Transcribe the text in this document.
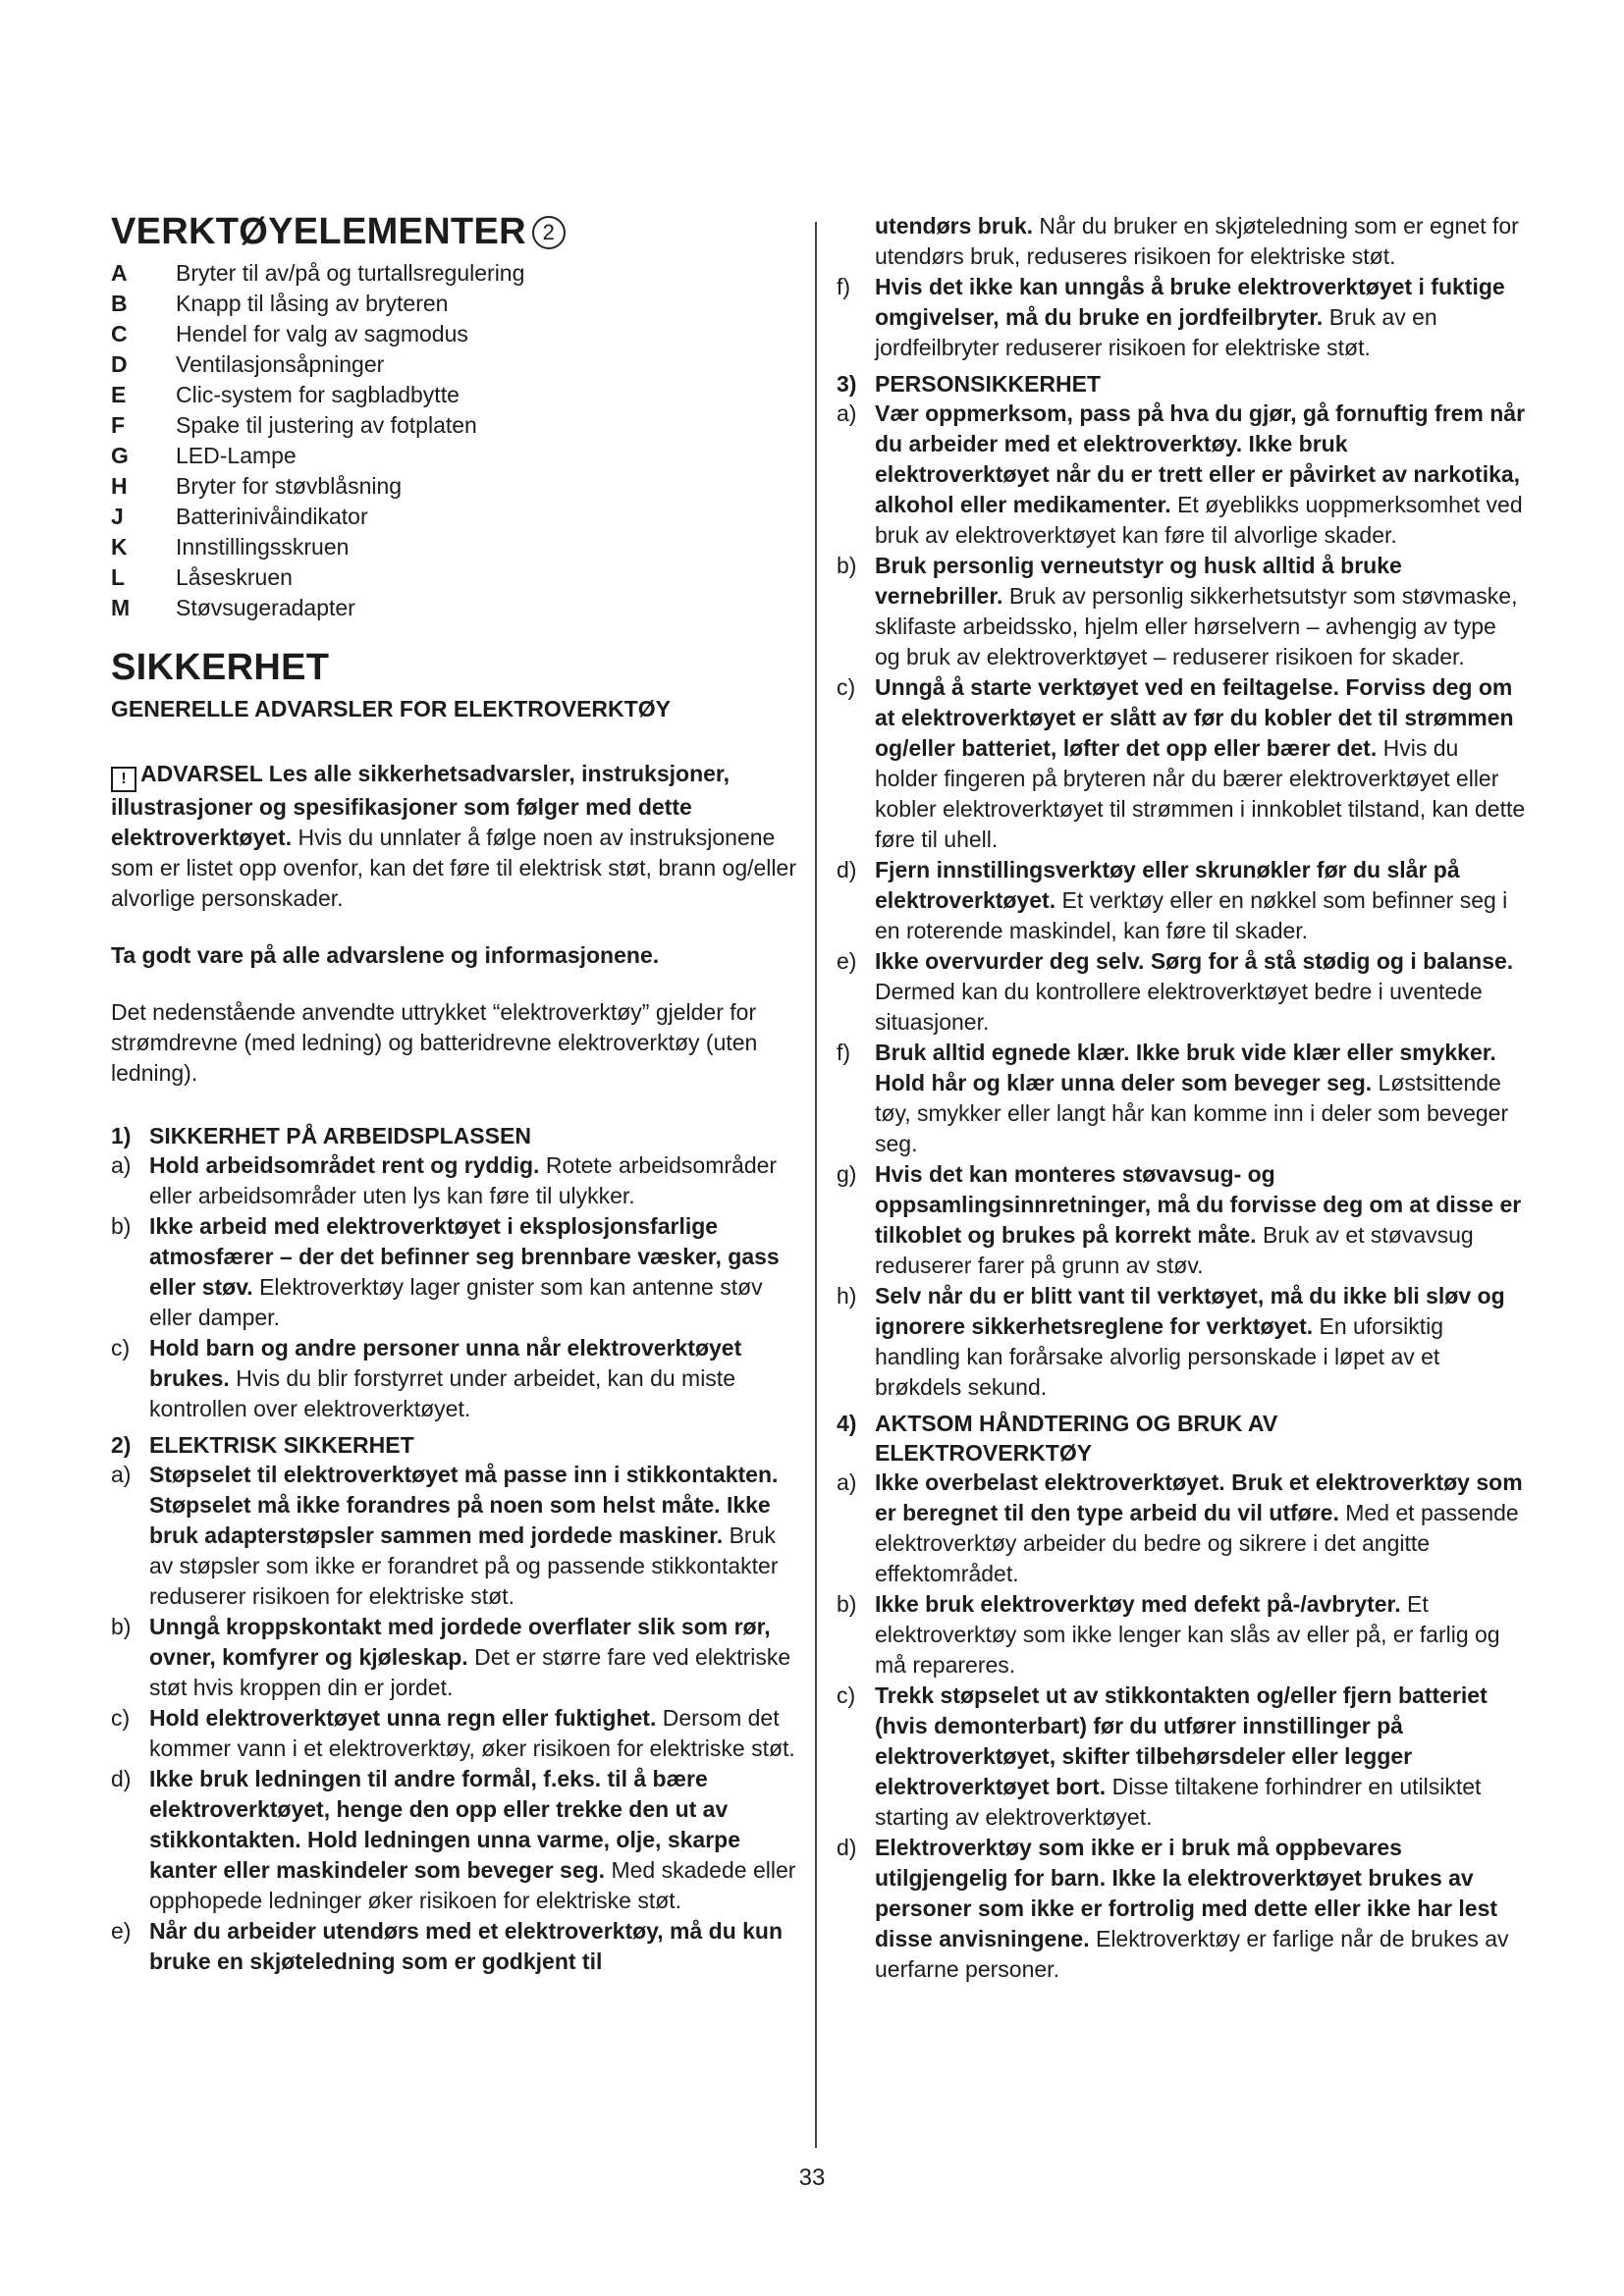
VERKTØYELEMENTER 2
A	Bryter til av/på og turtallsregulering
B	Knapp til låsing av bryteren
C	Hendel for valg av sagmodus
D	Ventilasjonsåpninger
E	Clic-system for sagbladbytte
F	Spake til justering av fotplaten
G	LED-Lampe
H	Bryter for støvblåsning
J	Batterinivåindikator
K	Innstillingsskruen
L	Låseskruen
M	Støvsugeradapter
SIKKERHET
GENERELLE ADVARSLER FOR ELEKTROVERKTØY

! ADVARSEL Les alle sikkerhetsadvarsler, instruksjoner, illustrasjoner og spesifikasjoner som følger med dette elektroverktøyet. Hvis du unnlater å følge noen av instruksjonene som er listet opp ovenfor, kan det føre til elektrisk støt, brann og/eller alvorlige personskader.

Ta godt vare på alle advarslene og informasjonene.

Det nedenstående anvendte uttrykket “elektroverktøy” gjelder for strømdrevne (med ledning) og batteridrevne elektroverktøy (uten ledning).

1) SIKKERHET PÅ ARBEIDSPLASSEN
a) Hold arbeidsområdet rent og ryddig. Rotete arbeidsområder eller arbeidsområder uten lys kan føre til ulykker.
b) Ikke arbeid med elektroverktøyet i eksplosjonsfarlige atmosfærer – der det befinner seg brennbare væsker, gass eller støv. Elektroverktøy lager gnister som kan antenne støv eller damper.
c) Hold barn og andre personer unna når elektroverktøyet brukes. Hvis du blir forstyrret under arbeidet, kan du miste kontrollen over elektroverktøyet.
2) ELEKTRISK SIKKERHET
a) Støpselet til elektroverktøyet må passe inn i stikkontakten. Støpselet må ikke forandres på noen som helst måte. Ikke bruk adapterstøpsler sammen med jordede maskiner. Bruk av støpsler som ikke er forandret på og passende stikkontakter reduserer risikoen for elektriske støt.
b) Unngå kroppskontakt med jordede overflater slik som rør, ovner, komfyrer og kjøleskap. Det er større fare ved elektriske støt hvis kroppen din er jordet.
c) Hold elektroverktøyet unna regn eller fuktighet. Dersom det kommer vann i et elektroverktøy, øker risikoen for elektriske støt.
d) Ikke bruk ledningen til andre formål, f.eks. til å bære elektroverktøyet, henge den opp eller trekke den ut av stikkontakten. Hold ledningen unna varme, olje, skarpe kanter eller maskindeler som beveger seg. Med skadede eller opphopede ledninger øker risikoen for elektriske støt.
e) Når du arbeider utendørs med et elektroverktøy, må du kun bruke en skjøteledning som er godkjent til
utendørs bruk. Når du bruker en skjøteledning som er egnet for utendørs bruk, reduseres risikoen for elektriske støt.
f)	Hvis det ikke kan unngås å bruke elektroverktøyet i fuktige omgivelser, må du bruke en jordfeilbryter. Bruk av en jordfeilbryter reduserer risikoen for elektriske støt.
3) PERSONSIKKERHET
a) Vær oppmerksom, pass på hva du gjør, gå fornuftig frem når du arbeider med et elektroverktøy. Ikke bruk elektroverktøyet når du er trett eller er påvirket av narkotika, alkohol eller medikamenter. Et øyeblikks uoppmerksomhet ved bruk av elektroverktøyet kan føre til alvorlige skader.
b) Bruk personlig verneutstyr og husk alltid å bruke vernebriller. Bruk av personlig sikkerhetsutstyr som støvmaske, sklifaste arbeidssko, hjelm eller hørselvern – avhengig av type og bruk av elektroverktøyet – reduserer risikoen for skader.
c) Unngå å starte verktøyet ved en feiltagelse. Forviss deg om at elektroverktøyet er slått av før du kobler det til strømmen og/eller batteriet, løfter det opp eller bærer det. Hvis du holder fingeren på bryteren når du bærer elektroverktøyet eller kobler elektroverktøyet til strømmen i innkoblet tilstand, kan dette føre til uhell.
d) Fjern innstillingsverktøy eller skrunøkler før du slår på elektroverktøyet. Et verktøy eller en nøkkel som befinner seg i en roterende maskindel, kan føre til skader.
e) Ikke overvurder deg selv. Sørg for å stå stødig og i balanse. Dermed kan du kontrollere elektroverktøyet bedre i uventede situasjoner.
f)	Bruk alltid egnede klær. Ikke bruk vide klær eller smykker. Hold hår og klær unna deler som beveger seg. Løstsittende tøy, smykker eller langt hår kan komme inn i deler som beveger seg.
g) Hvis det kan monteres støvavsug- og oppsamlingsinnretninger, må du forvisse deg om at disse er tilkoblet og brukes på korrekt måte. Bruk av et støvavsug reduserer farer på grunn av støv.
h) Selv når du er blitt vant til verktøyet, må du ikke bli sløv og ignorere sikkerhetsreglene for verktøyet. En uforsiktig handling kan forårsake alvorlig personskade i løpet av et brøkdels sekund.
4) AKTSOM HÅNDTERING OG BRUK AV ELEKTROVERKTØY
a) Ikke overbelast elektroverktøyet. Bruk et elektroverktøy som er beregnet til den type arbeid du vil utføre. Med et passende elektroverktøy arbeider du bedre og sikrere i det angitte effektområdet.
b) Ikke bruk elektroverktøy med defekt på-/avbryter. Et elektroverktøy som ikke lenger kan slås av eller på, er farlig og må repareres.
c) Trekk støpselet ut av stikkontakten og/eller fjern batteriet (hvis demonterbart) før du utfører innstillinger på elektroverktøyet, skifter tilbehørsdeler eller legger elektroverktøyet bort. Disse tiltakene forhindrer en utilsiktet starting av elektroverktøyet.
d) Elektroverktøy som ikke er i bruk må oppbevares utilgjengelig for barn. Ikke la elektroverktøyet brukes av personer som ikke er fortrolig med dette eller ikke har lest disse anvisningene. Elektroverktøy er farlige når de brukes av uerfarne personer.
33
